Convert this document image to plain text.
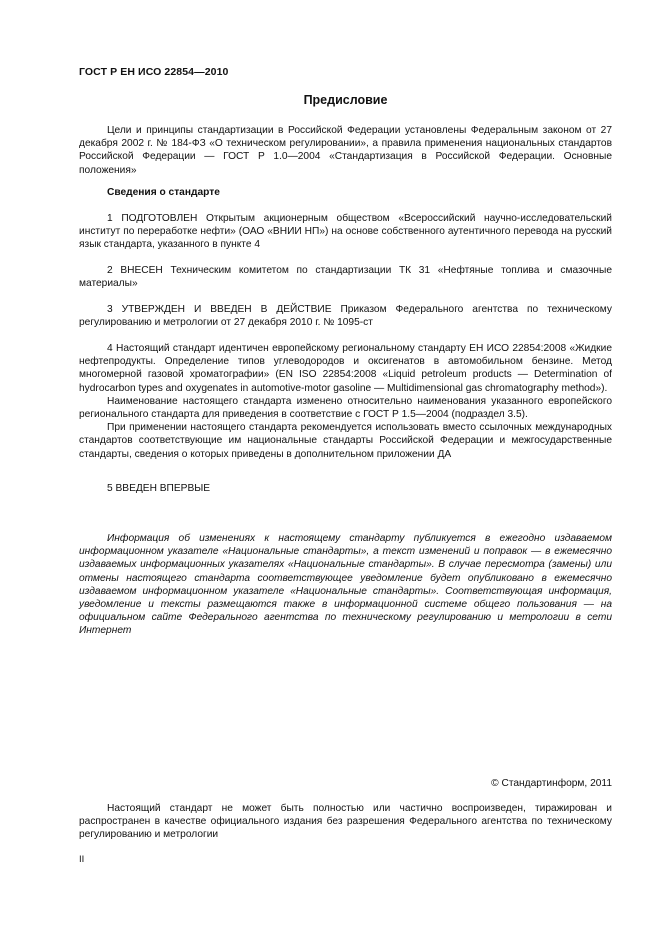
ГОСТ Р ЕН ИСО 22854—2010
Предисловие

Цели и принципы стандартизации в Российской Федерации установлены Федеральным законом от 27 декабря 2002 г. № 184-ФЗ «О техническом регулировании», а правила применения национальных стандартов Российской Федерации — ГОСТ Р 1.0—2004 «Стандартизация в Российской Федерации. Основные положения»

Сведения о стандарте

1 ПОДГОТОВЛЕН Открытым акционерным обществом «Всероссийский научно-исследовательский институт по переработке нефти» (ОАО «ВНИИ НП») на основе собственного аутентичного перевода на русский язык стандарта, указанного в пункте 4

2 ВНЕСЕН Техническим комитетом по стандартизации ТК 31 «Нефтяные топлива и смазочные материалы»

3 УТВЕРЖДЕН И ВВЕДЕН В ДЕЙСТВИЕ Приказом Федерального агентства по техническому регулированию и метрологии от 27 декабря 2010 г. № 1095-ст

4 Настоящий стандарт идентичен европейскому региональному стандарту ЕН ИСО 22854:2008 «Жидкие нефтепродукты. Определение типов углеводородов и оксигенатов в автомобильном бензине. Метод многомерной газовой хроматографии» (EN ISO 22854:2008 «Liquid petroleum products — Determination of hydrocarbon types and oxygenates in automotive-motor gasoline — Multidimensional gas chromatography method»).

Наименование настоящего стандарта изменено относительно наименования указанного европейского регионального стандарта для приведения в соответствие с ГОСТ Р 1.5—2004 (подраздел 3.5).

При применении настоящего стандарта рекомендуется использовать вместо ссылочных международных стандартов соответствующие им национальные стандарты Российской Федерации и межгосударственные стандарты, сведения о которых приведены в дополнительном приложении ДА

5 ВВЕДЕН ВПЕРВЫЕ

Информация об изменениях к настоящему стандарту публикуется в ежегодно издаваемом информационном указателе «Национальные стандарты», а текст изменений и поправок — в ежемесячно издаваемых информационных указателях «Национальные стандарты». В случае пересмотра (замены) или отмены настоящего стандарта соответствующее уведомление будет опубликовано в ежемесячно издаваемом информационном указателе «Национальные стандарты». Соответствующая информация, уведомление и тексты размещаются также в информационной системе общего пользования — на официальном сайте Федерального агентства по техническому регулированию и метрологии в сети Интернет

© Стандартинформ, 2011

Настоящий стандарт не может быть полностью или частично воспроизведен, тиражирован и распространен в качестве официального издания без разрешения Федерального агентства по техническому регулированию и метрологии

II
